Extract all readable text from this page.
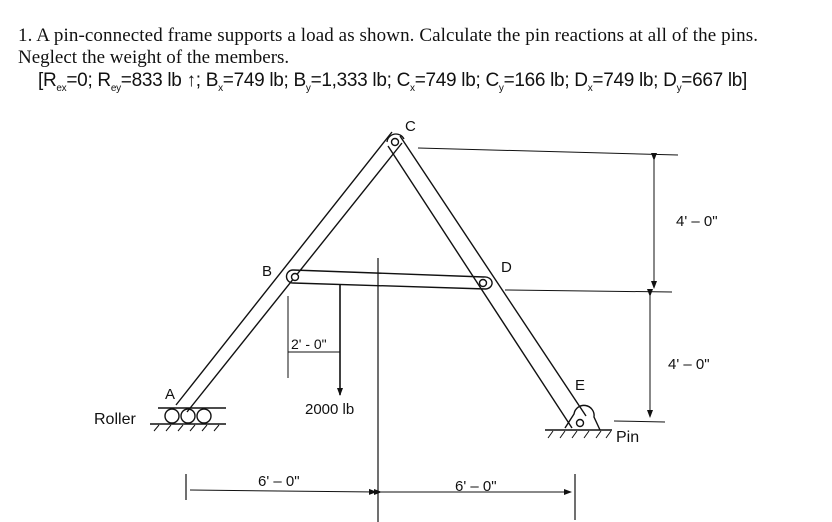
1. A pin-connected frame supports a load as shown. Calculate the pin reactions at all of the pins.
Neglect the weight of the members.
[$R_{ex}=0$; $R_{ey}=833$ lb ↑; $B_x=749$ lb; $B_y=1,333$ lb; $C_x=749$ lb; $C_y=166$ lb; $D_x=749$ lb; $D_y=667$ lb]
C
B	D
A
E
Roller
Pin
2000 lb
2' - 0"
4' – 0"
4' – 0"
6' – 0"	6' – 0"
